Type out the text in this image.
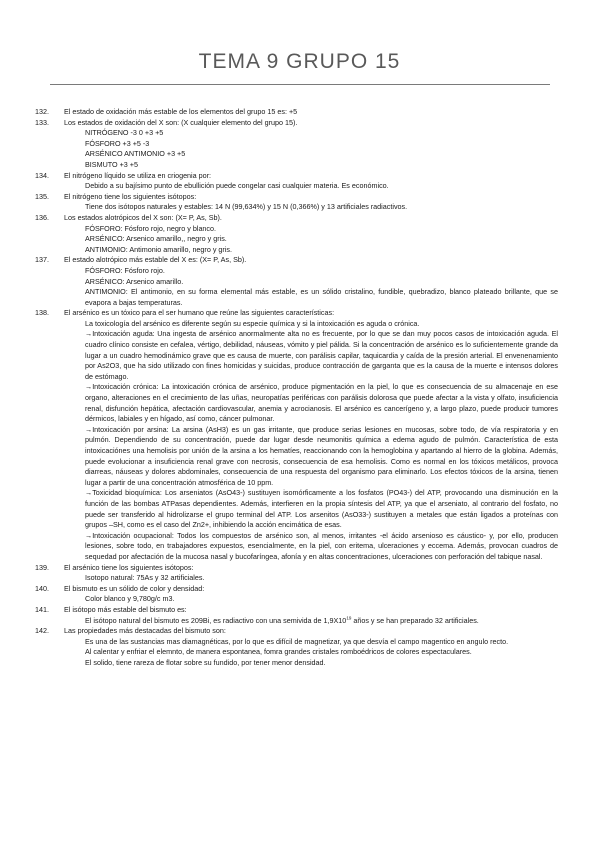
TEMA 9 GRUPO 15

132. El estado de oxidación más estable de los elementos del grupo 15 es: +5

133. Los estados de oxidación del X son: (X cualquier elemento del grupo 15).

NITRÓGENO -3 0 +3 +5

FÓSFORO +3 +5 -3

ARSÉNICO ANTIMONIO +3 +5

BISMUTO +3 +5

134. El nitrógeno líquido se utiliza en criogenia por:

Debido a su bajísimo punto de ebullición puede congelar casi cualquier materia. Es económico.

135. El nitrógeno tiene los siguientes isótopos:

Tiene dos isótopos naturales y estables: 14 N (99,634%) y 15 N (0,366%) y 13 artificiales radiactivos.

136. Los estados alotrópicos del X son: (X= P, As, Sb).

FÓSFORO: Fósforo rojo, negro y blanco.

ARSÉNICO: Arsenico amarillo,, negro y gris.

ANTIMONIO: Antimonio amarillo, negro y gris.

137. El estado alotrópico más estable del X es: (X= P, As, Sb).

FÓSFORO: Fósforo rojo.

ARSÉNICO: Arsenico amarillo.

ANTIMONIO: El antimonio, en su forma elemental más estable, es un sólido cristalino, fundible, quebradizo, blanco plateado brillante, que se evapora a bajas temperaturas.

138. El arsénico es un tóxico para el ser humano que reúne las siguientes características:

La toxicología del arsénico es diferente según su especie química y si la intoxicación es aguda o crónica.

→Intoxicación aguda: Una ingesta de arsénico anormalmente alta no es frecuente, por lo que se dan muy pocos casos de intoxicación aguda. El cuadro clínico consiste en cefalea, vértigo, debilidad, náuseas, vómito y piel pálida. Si la concentración de arsénico es lo suficientemente grande da lugar a un cuadro hemodinámico grave que es causa de muerte, con parálisis capilar, taquicardia y caída de la presión arterial. El envenenamiento por As2O3, que ha sido utilizado con fines homicidas y suicidas, produce contracción de garganta que es la causa de la muerte e intensos dolores de estómago.

→Intoxicación crónica: La intoxicación crónica de arsénico, produce pigmentación en la piel, lo que es consecuencia de su almacenaje en ese organo, alteraciones en el crecimiento de las uñas, neuropatías periféricas con parálisis dolorosa que puede afectar a la vista y olfato, insuficiencia renal, disfunción hepática, afectación cardiovascular, anemia y acrocianosis. El arsénico es cancerígeno y, a largo plazo, puede producir tumores dérmicos, labiales y en hígado, así como, cáncer pulmonar.

→Intoxicación por arsina: La arsina (AsH3) es un gas irritante, que produce serias lesiones en mucosas, sobre todo, de vía respiratoria y en pulmón. Dependiendo de su concentración, puede dar lugar desde neumonitis química a edema agudo de pulmón. Característica de esta intoxicaciónes una hemolisis por unión de la arsina a los hematíes, reaccionando con la hemoglobina y apartando al hierro de la globina. Además, puede evolucionar a insuficiencia renal grave con necrosis, consecuencia de esa hemolisis. Como es normal en los tóxicos metálicos, provoca diarreas, náuseas y dolores abdominales, consecuencia de una respuesta del organismo para eliminarlo. Los efectos tóxicos de la arsina, tienen lugar a partir de una concentración atmosférica de 10 ppm.

→Toxicidad bioquímica: Los arseniatos (AsO43-) sustituyen isomórficamente a los fosfatos (PO43-) del ATP, provocando una disminución en la función de las bombas ATPasas dependientes. Además, interfieren en la propia síntesis del ATP, ya que el arseniato, al contrario del fosfato, no puede ser transferido al hidrolizarse el grupo terminal del ATP. Los arsenitos (AsO33-) sustituyen a metales que están ligados a proteínas con grupos –SH, como es el caso del Zn2+, inhibiendo la acción encimática de esas.

→Intoxicación ocupacional: Todos los compuestos de arsénico son, al menos, irritantes -el ácido arsenioso es cáustico- y, por ello, producen lesiones, sobre todo, en trabajadores expuestos, esencialmente, en la piel, con eritema, ulceraciones y eccema. Además, provocan cuadros de sequedad por afectación de la mucosa nasal y bucofaríngea, afonía y en altas concentraciones, ulceraciones con perforación del tabique nasal.

139. El arsénico tiene los siguientes isótopos:

Isotopo natural: 75As y 32 artificiales.

140. El bismuto es un sólido de color y densidad:

Color blanco y 9,780g/c m3.

141. El isótopo más estable del bismuto es:

El isótopo natural del bismuto es 209Bi, es radiactivo con una semivida de $1,9X10^{19}$ años y se han preparado 32 artificiales.

142. Las propiedades más destacadas del bismuto son:

Es una de las sustancias mas diamagnéticas, por lo que es difícil de magnetizar, ya que desvía el campo magentico en angulo recto.

Al calentar y enfriar el elemnto, de manera espontanea, fomra grandes cristales romboédricos de colores espectaculares.

El solido, tiene rareza de flotar sobre su fundido, por tener menor densidad.
